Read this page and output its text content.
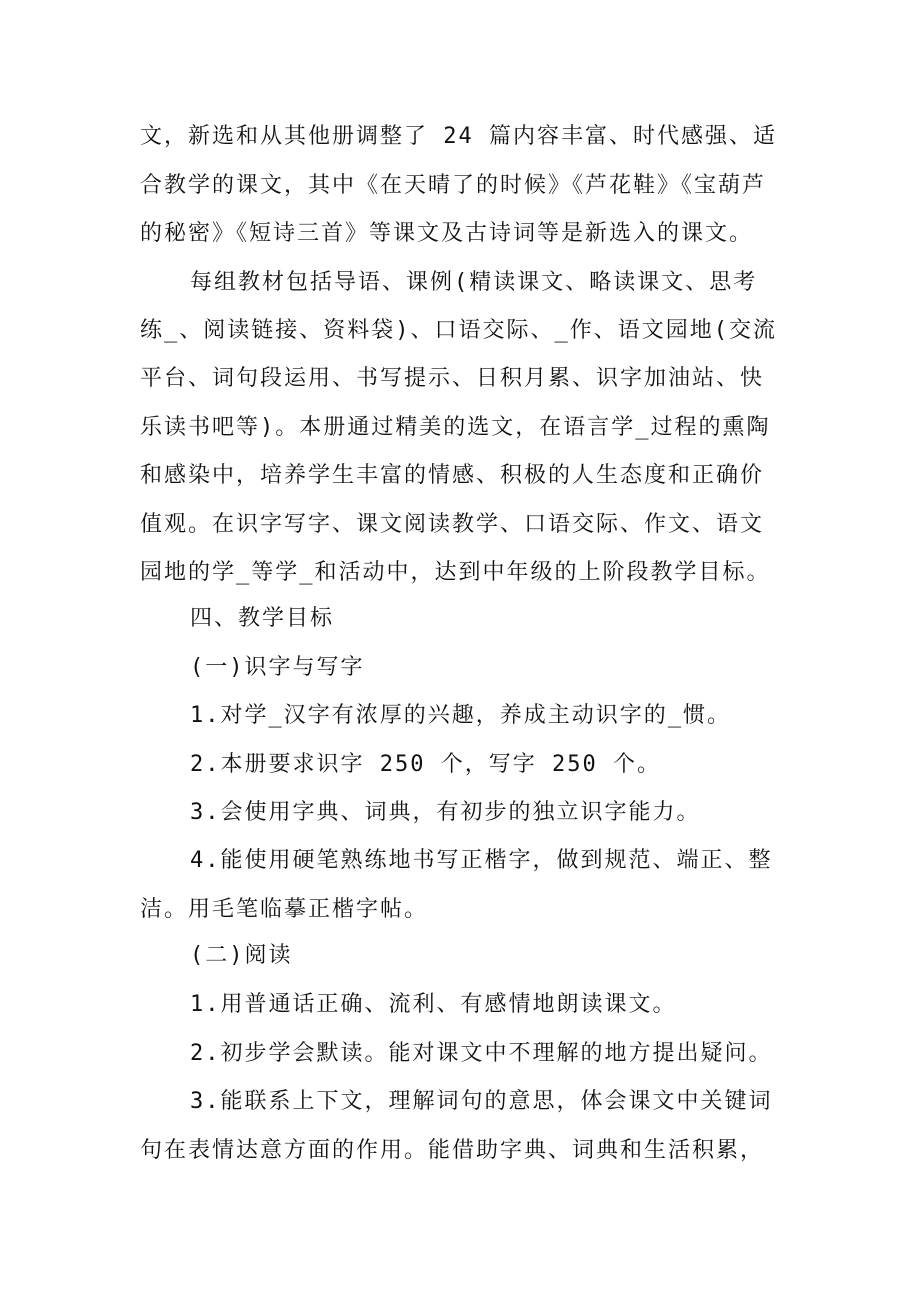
文，新选和从其他册调整了 24 篇内容丰富、时代感强、适

合教学的课文，其中《在天晴了的时候》《芦花鞋》《宝葫芦

的秘密》《短诗三首》等课文及古诗词等是新选入的课文。

每组教材包括导语、课例(精读课文、略读课文、思考

练_、阅读链接、资料袋)、口语交际、_作、语文园地(交流

平台、词句段运用、书写提示、日积月累、识字加油站、快

乐读书吧等)。本册通过精美的选文，在语言学_过程的熏陶

和感染中，培养学生丰富的情感、积极的人生态度和正确价

值观。在识字写字、课文阅读教学、口语交际、作文、语文

园地的学_等学_和活动中，达到中年级的上阶段教学目标。

四、教学目标

(一)识字与写字

1.对学_汉字有浓厚的兴趣，养成主动识字的_惯。

2.本册要求识字 250 个，写字 250 个。

3.会使用字典、词典，有初步的独立识字能力。

4.能使用硬笔熟练地书写正楷字，做到规范、端正、整

洁。用毛笔临摹正楷字帖。

(二)阅读

1.用普通话正确、流利、有感情地朗读课文。

2.初步学会默读。能对课文中不理解的地方提出疑问。

3.能联系上下文，理解词句的意思，体会课文中关键词

句在表情达意方面的作用。能借助字典、词典和生活积累，
